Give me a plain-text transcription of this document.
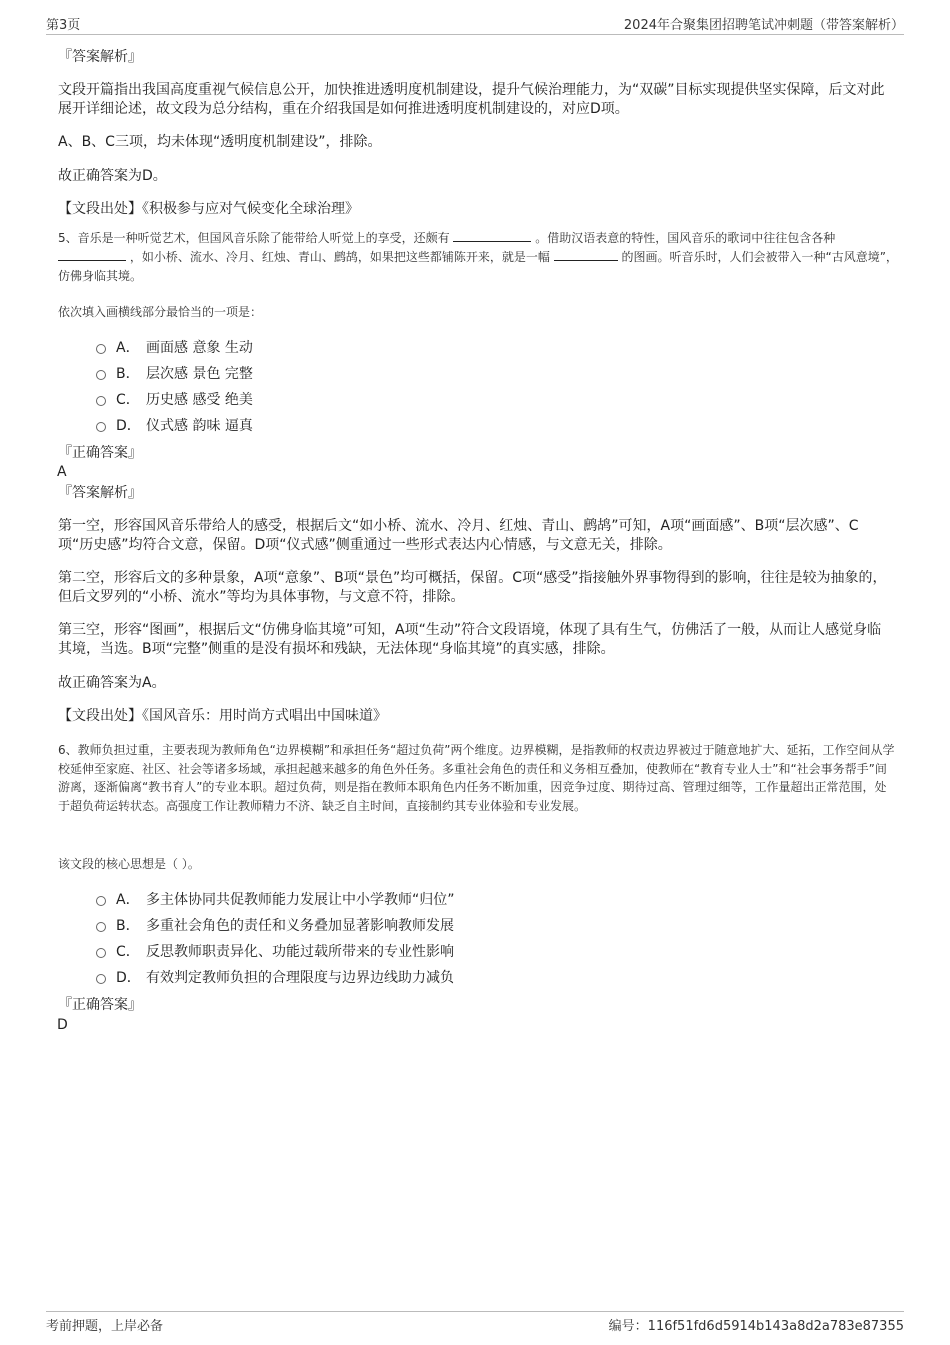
第3页	2024年合聚集团招聘笔试冲刺题（带答案解析）
『答案解析』
文段开篇指出我国高度重视气候信息公开，加快推进透明度机制建设，提升气候治理能力，为“双碳”目标实现提供坚实保障，后文对此展开详细论述，故文段为总分结构，重在介绍我国是如何推进透明度机制建设的，对应D项。
A、B、C三项，均未体现“透明度机制建设”，排除。
故正确答案为D。
【文段出处】《积极参与应对气候变化全球治理》
5、音乐是一种听觉艺术，但国风音乐除了能带给人听觉上的享受，还颇有	。借助汉语表意的特性，国风音乐的歌词中往往包含各种  ，如小桥、流水、冷月、红烛、青山、鹧鸪，如果把这些都铺陈开来，就是一幅	的图画。听音乐时，人们会被带入一种“古风意境”，仿佛身临其境。
依次填入画横线部分最恰当的一项是：
A． 画面感 意象 生动
B． 层次感 景色 完整
C． 历史感 感受 绝美
D． 仪式感 韵味 逼真
『正确答案』
A
『答案解析』
第一空，形容国风音乐带给人的感受，根据后文“如小桥、流水、冷月、红烛、青山、鹧鸪”可知，A项“画面感”、B项“层次感”、C项“历史感”均符合文意，保留。D项“仪式感”侧重通过一些形式表达内心情感，与文意无关，排除。
第二空，形容后文的多种景象，A项“意象”、B项“景色”均可概括，保留。C项“感受”指接触外界事物得到的影响，往往是较为抽象的，但后文罗列的“小桥、流水”等均为具体事物，与文意不符，排除。
第三空，形容“图画”，根据后文“仿佛身临其境”可知，A项“生动”符合文段语境，体现了具有生气，仿佛活了一般，从而让人感觉身临其境，当选。B项“完整”侧重的是没有损坏和残缺，无法体现“身临其境”的真实感，排除。
故正确答案为A。
【文段出处】《国风音乐：用时尚方式唱出中国味道》
6、教师负担过重，主要表现为教师角色“边界模糊”和承担任务“超过负荷”两个维度。边界模糊，是指教师的权责边界被过于随意地扩大、延拓，工作空间从学校延伸至家庭、社区、社会等诸多场域，承担起越来越多的角色外任务。多重社会角色的责任和义务相互叠加，使教师在“教育专业人士”和“社会事务帮手”间游离，逐渐偏离“教书育人”的专业本职。超过负荷，则是指在教师本职角色内任务不断加重，因竞争过度、期待过高、管理过细等，工作量超出正常范围，处于超负荷运转状态。高强度工作让教师精力不济、缺乏自主时间，直接制约其专业体验和专业发展。
该文段的核心思想是（ ）。
A． 多主体协同共促教师能力发展让中小学教师“归位”
B． 多重社会角色的责任和义务叠加显著影响教师发展
C． 反思教师职责异化、功能过载所带来的专业性影响
D． 有效判定教师负担的合理限度与边界边线助力减负
『正确答案』
D
考前押题，上岸必备	编号：116f51fd6d5914b143a8d2a783e87355
